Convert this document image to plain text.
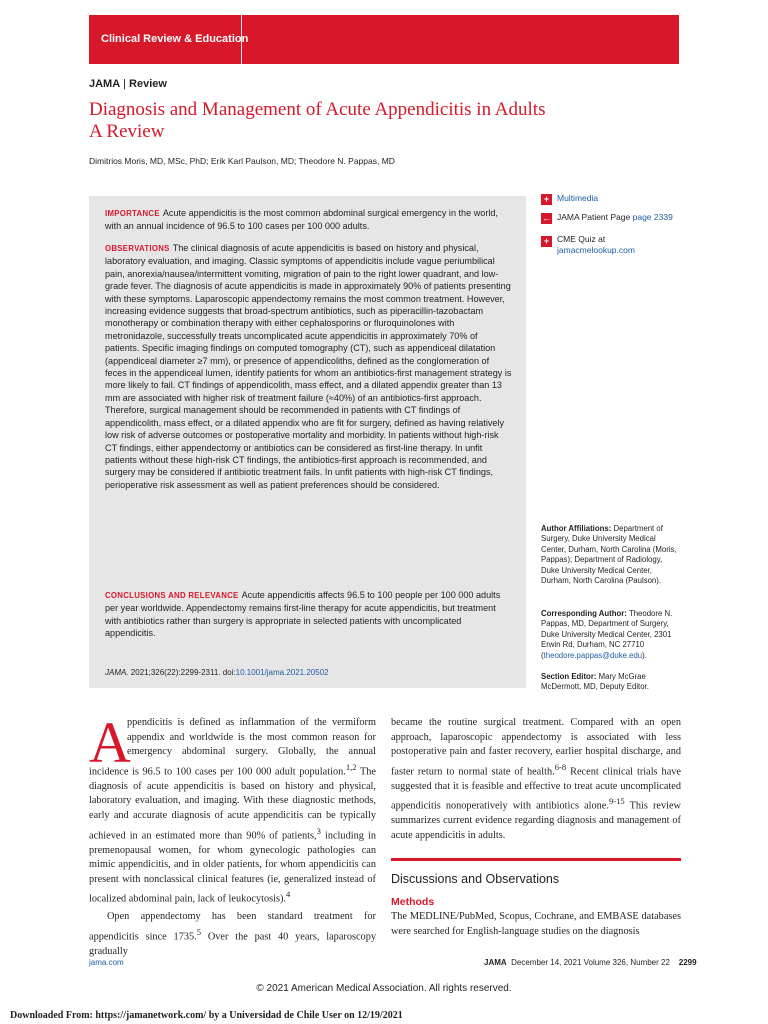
Clinical Review & Education
JAMA | Review
Diagnosis and Management of Acute Appendicitis in Adults
A Review
Dimitrios Moris, MD, MSc, PhD; Erik Karl Paulson, MD; Theodore N. Pappas, MD

IMPORTANCE Acute appendicitis is the most common abdominal surgical emergency in the world, with an annual incidence of 96.5 to 100 cases per 100 000 adults.

OBSERVATIONS The clinical diagnosis of acute appendicitis is based on history and physical, laboratory evaluation, and imaging. Classic symptoms of appendicitis include vague periumbilical pain, anorexia/nausea/intermittent vomiting, migration of pain to the right lower quadrant, and low-grade fever. The diagnosis of acute appendicitis is made in approximately 90% of patients presenting with these symptoms. Laparoscopic appendectomy remains the most common treatment. However, increasing evidence suggests that broad-spectrum antibiotics, such as piperacillin-tazobactam monotherapy or combination therapy with either cephalosporins or fluroquinolones with metronidazole, successfully treats uncomplicated acute appendicitis in approximately 70% of patients. Specific imaging findings on computed tomography (CT), such as appendiceal dilatation (appendiceal diameter ≥7 mm), or presence of appendicoliths, defined as the conglomeration of feces in the appendiceal lumen, identify patients for whom an antibiotics-first management strategy is more likely to fail. CT findings of appendicolith, mass effect, and a dilated appendix greater than 13 mm are associated with higher risk of treatment failure (≈40%) of an antibiotics-first approach. Therefore, surgical management should be recommended in patients with CT findings of appendicolith, mass effect, or a dilated appendix who are fit for surgery, defined as having relatively low risk of adverse outcomes or postoperative mortality and morbidity. In patients without high-risk CT findings, either appendectomy or antibiotics can be considered as first-line therapy. In unfit patients without these high-risk CT findings, the antibiotics-first approach is recommended, and surgery may be considered if antibiotic treatment fails. In unfit patients with high-risk CT findings, perioperative risk assessment as well as patient preferences should be considered.

CONCLUSIONS AND RELEVANCE Acute appendicitis affects 96.5 to 100 people per 100 000 adults per year worldwide. Appendectomy remains first-line therapy for acute appendicitis, but treatment with antibiotics rather than surgery is appropriate in selected patients with uncomplicated appendicitis.

JAMA. 2021;326(22):2299-2311. doi:10.1001/jama.2021.20502
+ Multimedia
← JAMA Patient Page page 2339
+ CME Quiz at
jamacmelookup.com

Author Affiliations: Department of Surgery, Duke University Medical Center, Durham, North Carolina (Moris, Pappas); Department of Radiology, Duke University Medical Center, Durham, North Carolina (Paulson).

Corresponding Author: Theodore N. Pappas, MD, Department of Surgery, Duke University Medical Center, 2301 Erwin Rd, Durham, NC 27710 (theodore.pappas@duke.edu).

Section Editor: Mary McGrae McDermott, MD, Deputy Editor.

A

ppendicitis is defined as inflammation of the vermiform appendix and worldwide is the most common reason for emergency abdominal surgery. Globally, the annual incidence is 96.5 to 100 cases per 100 000 adult population.$^{1,2}$ The diagnosis of acute appendicitis is based on history and physical, laboratory evaluation, and imaging. With these diagnostic methods, early and accurate diagnosis of acute appendicitis can be typically achieved in an estimated more than 90% of patients,$^3$ including in premenopausal women, for whom gynecologic pathologies can mimic appendicitis, and in older patients, for whom appendicitis can present with nonclassical clinical features (ie, generalized instead of localized abdominal pain, lack of leukocytosis).$^4$

Open appendectomy has been standard treatment for appendicitis since 1735.$^5$ Over the past 40 years, laparoscopy gradually

became the routine surgical treatment. Compared with an open approach, laparoscopic appendectomy is associated with less postoperative pain and faster recovery, earlier hospital discharge, and faster return to normal state of health.$^{6-8}$ Recent clinical trials have suggested that it is feasible and effective to treat acute uncomplicated appendicitis nonoperatively with antibiotics alone.$^{9-15}$ This review summarizes current evidence regarding diagnosis and management of acute appendicitis in adults.

Discussions and Observations
Methods

The MEDLINE/PubMed, Scopus, Cochrane, and EMBASE databases were searched for English-language studies on the diagnosis

jama.com	JAMA December 14, 2021 Volume 326, Number 22 2299
© 2021 American Medical Association. All rights reserved.
Downloaded From: https://jamanetwork.com/ by a Universidad de Chile User on 12/19/2021
